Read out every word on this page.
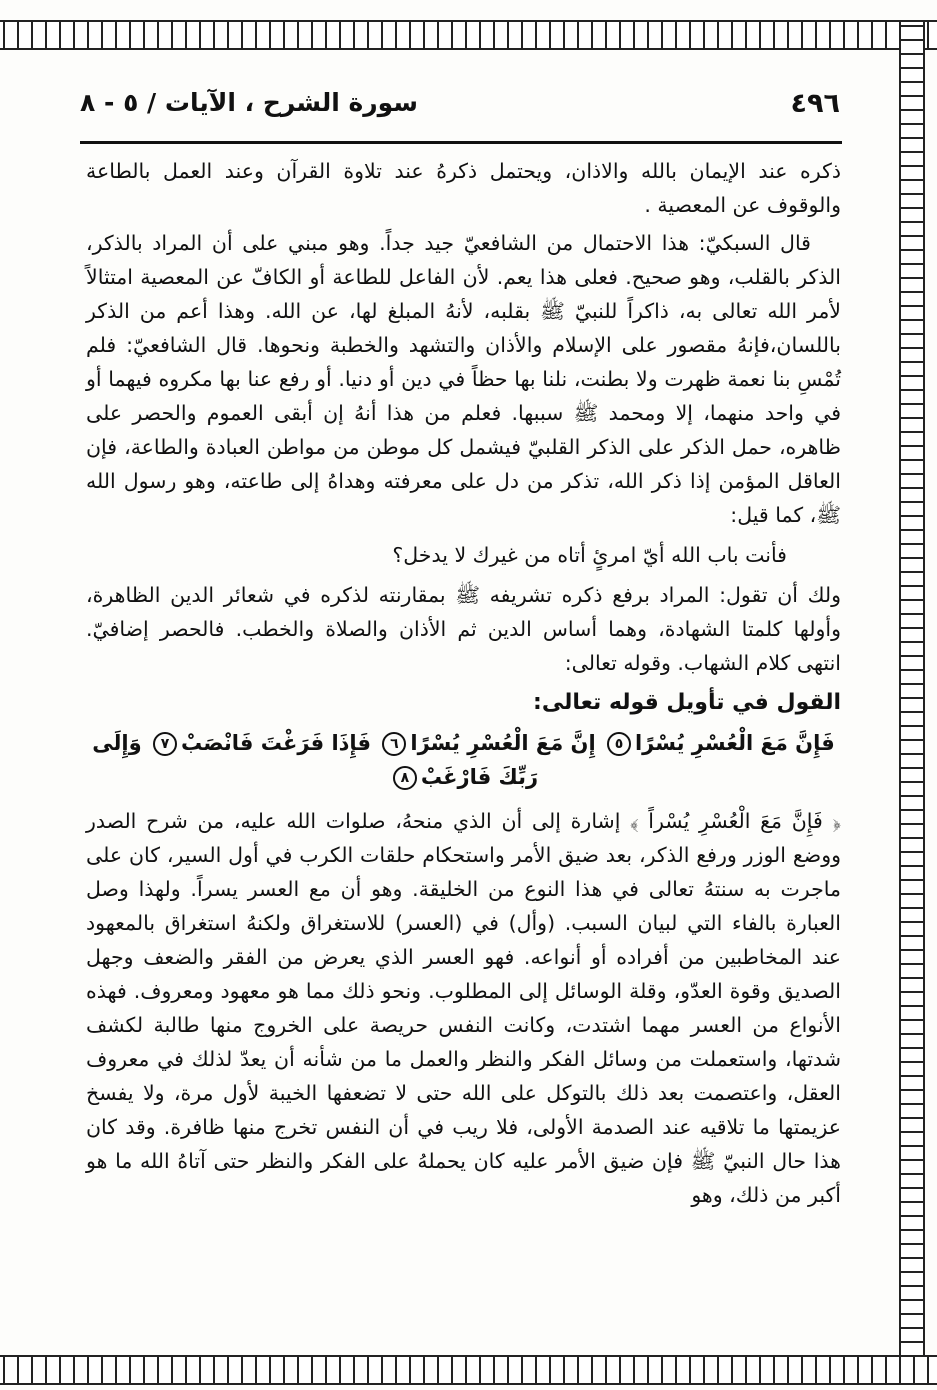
٤٩٦
سورة الشرح ، الآيات / ٥ - ٨

ذكره عند الإيمان بالله والاذان، ويحتمل ذكرهُ عند تلاوة القرآن وعند العمل بالطاعة والوقوف عن المعصية .

قال السبكيّ: هذا الاحتمال من الشافعيّ جيد جداً. وهو مبني على أن المراد بالذكر، الذكر بالقلب، وهو صحيح. فعلى هذا يعم. لأن الفاعل للطاعة أو الكافّ عن المعصية امتثالاً لأمر الله تعالى به، ذاكراً للنبيّ ﷺ بقلبه، لأنهُ المبلغ لها، عن الله. وهذا أعم من الذكر باللسان،فإنهُ مقصور على الإسلام والأذان والتشهد والخطبة ونحوها. قال الشافعيّ: فلم تُمْسِ بنا نعمة ظهرت ولا بطنت، نلنا بها حظاً في دين أو دنيا. أو رفع عنا بها مكروه فيهما أو في واحد منهما، إلا ومحمد ﷺ سببها. فعلم من هذا أنهُ إن أبقى العموم والحصر على ظاهره، حمل الذكر على الذكر القلبيّ فيشمل كل موطن من مواطن العبادة والطاعة، فإن العاقل المؤمن إذا ذكر الله، تذكر من دل على معرفته وهداهُ إلى طاعته، وهو رسول الله ﷺ، كما قيل:

فأنت باب الله أيّ امرئٍ أتاه من غيرك لا يدخل؟

ولك أن تقول: المراد برفع ذكره تشريفه ﷺ بمقارنته لذكره في شعائر الدين الظاهرة، وأولها كلمتا الشهادة، وهما أساس الدين ثم الأذان والصلاة والخطب. فالحصر إضافيّ. انتهى كلام الشهاب. وقوله تعالى:

القول في تأويل قوله تعالى:

فَإِنَّ مَعَ الْعُسْرِ يُسْرًا٥ إِنَّ مَعَ الْعُسْرِ يُسْرًا٦ فَإِذَا فَرَغْتَ فَانْصَبْ٧ وَإِلَى رَبِّكَ فَارْغَبْ٨

﴿ فَإِنَّ مَعَ الْعُسْرِ يُسْراً ﴾ إشارة إلى أن الذي منحهُ، صلوات الله عليه، من شرح الصدر ووضع الوزر ورفع الذكر، بعد ضيق الأمر واستحكام حلقات الكرب في أول السير، كان على ماجرت به سنتهُ تعالى في هذا النوع من الخليقة. وهو أن مع العسر يسراً. ولهذا وصل العبارة بالفاء التي لبيان السبب. (وأل) في (العسر) للاستغراق ولكنهُ استغراق بالمعهود عند المخاطبين من أفراده أو أنواعه. فهو العسر الذي يعرض من الفقر والضعف وجهل الصديق وقوة العدّو، وقلة الوسائل إلى المطلوب. ونحو ذلك مما هو معهود ومعروف. فهذه الأنواع من العسر مهما اشتدت، وكانت النفس حريصة على الخروج منها طالبة لكشف شدتها، واستعملت من وسائل الفكر والنظر والعمل ما من شأنه أن يعدّ لذلك في معروف العقل، واعتصمت بعد ذلك بالتوكل على الله حتى لا تضعفها الخيبة لأول مرة، ولا يفسخ عزيمتها ما تلاقيه عند الصدمة الأولى، فلا ريب في أن النفس تخرج منها ظافرة. وقد كان هذا حال النبيّ ﷺ فإن ضيق الأمر عليه كان يحملهُ على الفكر والنظر حتى آتاهُ الله ما هو أكبر من ذلك، وهو
